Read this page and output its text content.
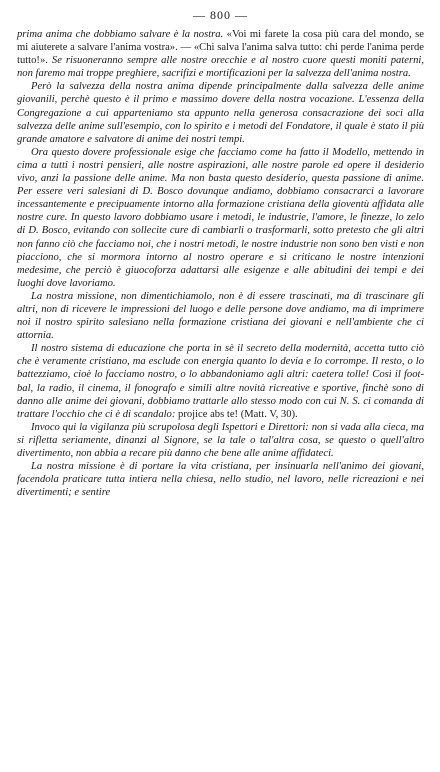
— 800 —

prima anima che dobbiamo salvare è la nostra. «Voi mi farete la cosa più cara del mondo, se mi aiuterete a salvare l'anima vostra». — «Chi salva l'anima salva tutto: chi perde l'anima perde tutto!». Se risuoneranno sempre alle nostre orecchie e al nostro cuore questi moniti paterni, non faremo mai troppe preghiere, sacrifizi e mortificazioni per la salvezza dell'anima nostra.

Però la salvezza della nostra anima dipende principalmente dalla salvezza delle anime giovanili, perchè questo è il primo e massimo dovere della nostra vocazione. L'essenza della Congregazione a cui apparteniamo sta appunto nella generosa consacrazione dei soci alla salvezza delle anime sull'esempio, con lo spirito e i metodi del Fondatore, il quale è stato il più grande amatore e salvatore di anime dei nostri tempi.

Ora questo dovere professionale esige che facciamo come ha fatto il Modello, mettendo in cima a tutti i nostri pensieri, alle nostre aspirazioni, alle nostre parole ed opere il desiderio vivo, anzi la passione delle anime. Ma non basta questo desiderio, questa passione di anime. Per essere veri salesiani di D. Bosco dovunque andiamo, dobbiamo consacrarci a lavorare incessantemente e precipuamente intorno alla formazione cristiana della gioventù affidata alle nostre cure. In questo lavoro dobbiamo usare i metodi, le industrie, l'amore, le finezze, lo zelo di D. Bosco, evitando con sollecite cure di cambiarli o trasformarli, sotto pretesto che gli altri non fanno ciò che facciamo noi, che i nostri metodi, le nostre industrie non sono ben visti e non piacciono, che si mormora intorno al nostro operare e si criticano le nostre intenzioni medesime, che perciò è giuocoforza adattarsi alle esigenze e alle abitudini dei tempi e dei luoghi dove lavoriamo.

La nostra missione, non dimentichiamolo, non è di essere trascinati, ma di trascinare gli altri, non di ricevere le impressioni del luogo e delle persone dove andiamo, ma di imprimere noi il nostro spirito salesiano nella formazione cristiana dei giovani e nell'ambiente che ci attornia.

Il nostro sistema di educazione che porta in sè il secreto della modernità, accetta tutto ciò che è veramente cristiano, ma esclude con energia quanto lo devia e lo corrompe. Il resto, o lo battezziamo, cioè lo facciamo nostro, o lo abbandoniamo agli altri: caetera tolle! Così il foot-bal, la radio, il cinema, il fonografo e simili altre novità ricreative e sportive, finchè sono di danno alle anime dei giovani, dobbiamo trattarle allo stesso modo con cui N. S. ci comanda di trattare l'occhio che ci è di scandalo: projice abs te! (Matt. V, 30).

Invoco qui la vigilanza più scrupolosa degli Ispettori e Direttori: non si vada alla cieca, ma si rifletta seriamente, dinanzi al Signore, se la tale o tal'altra cosa, se questo o quell'altro divertimento, non abbia a recare più danno che bene alle anime affidateci.

La nostra missione è di portare la vita cristiana, per insinuarla nell'animo dei giovani, facendola praticare tutta intiera nella chiesa, nello studio, nel lavoro, nelle ricreazioni e nei divertimenti; e sentire
